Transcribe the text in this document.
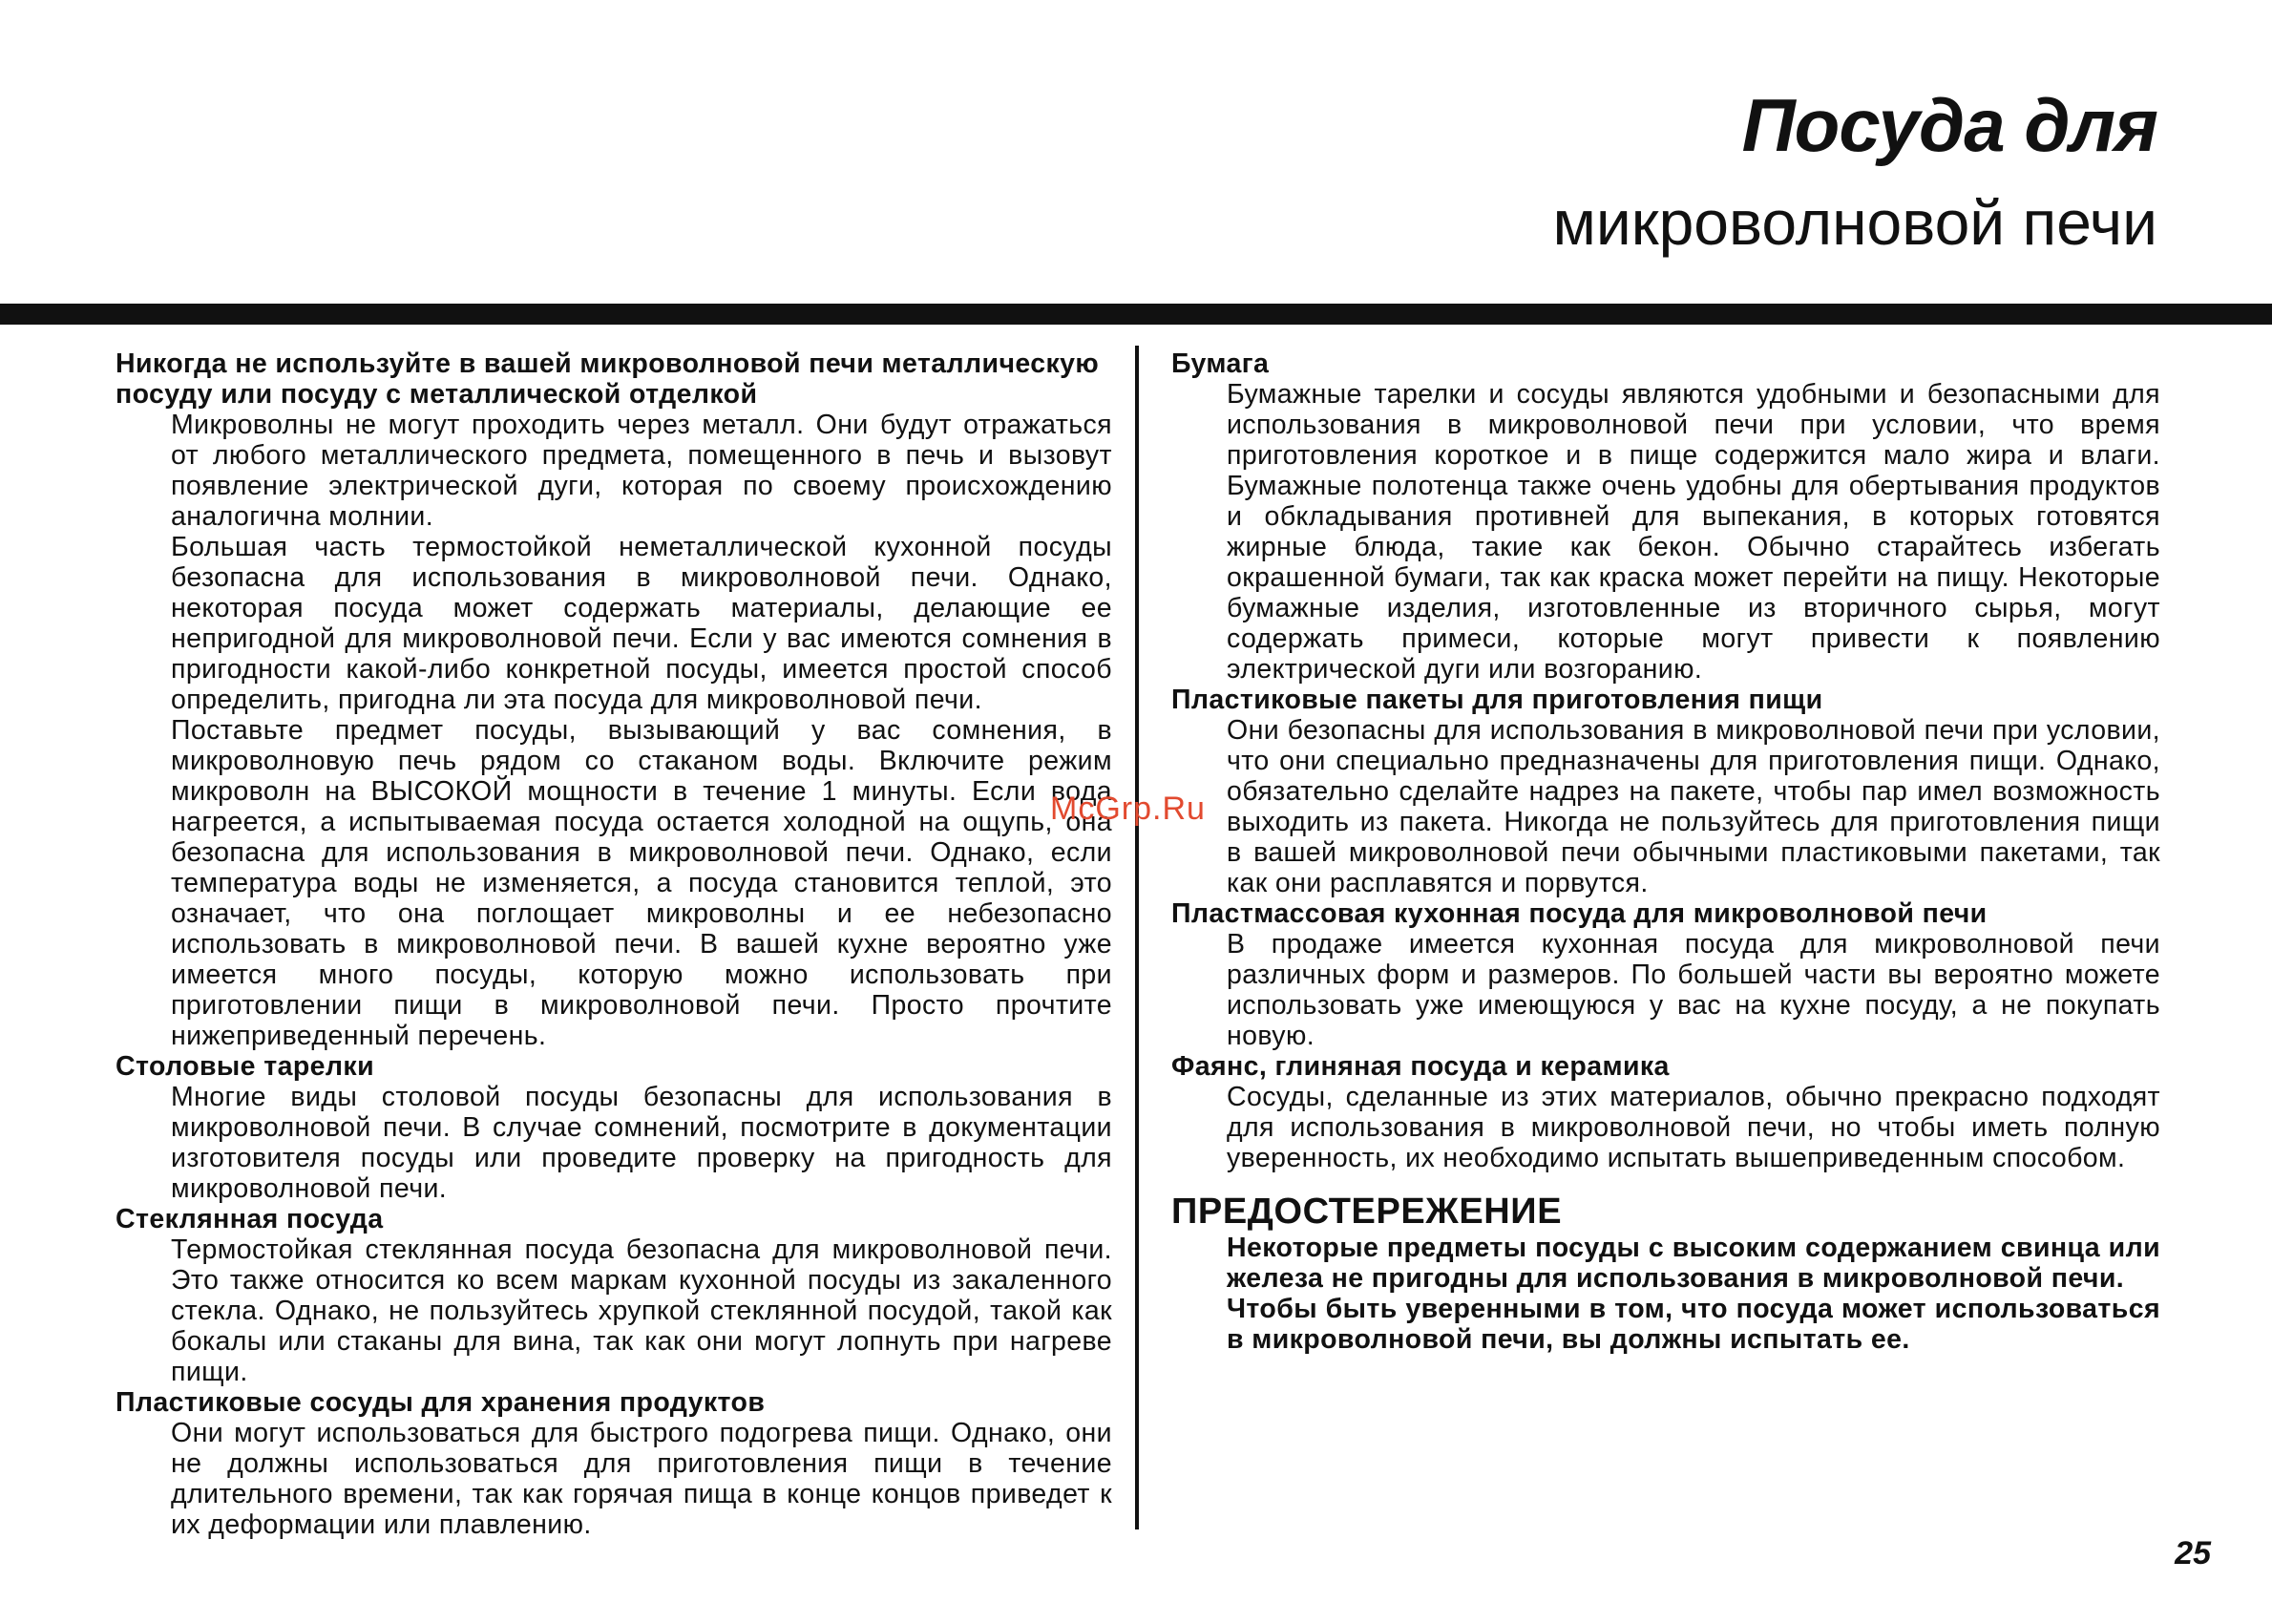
Посуда для
микроволновой печи
Никогда не используйте в вашей микроволновой печи металлическую посуду или посуду с металлической отделкой
Микроволны не могут проходить через металл. Они будут отражаться от любого металлического предмета, помещенного в печь и вызовут появление электрической дуги, которая по своему происхождению аналогична молнии.
Большая часть термостойкой неметаллической кухонной посуды безопасна для использования в микроволновой печи. Однако, некоторая посуда может содержать материалы, делающие ее непригодной для микроволновой печи. Если у вас имеются сомнения в пригодности какой-либо конкретной посуды, имеется простой способ определить, пригодна ли эта посуда для микроволновой печи.
Поставьте предмет посуды, вызывающий у вас сомнения, в микроволновую печь рядом со стаканом воды. Включите режим микроволн на ВЫСОКОЙ мощности в течение 1 минуты. Если вода нагреется, а испытываемая посуда остается холодной на ощупь, она безопасна для использования в микроволновой печи. Однако, если температура воды не изменяется, а посуда становится теплой, это означает, что она поглощает микроволны и ее небезопасно использовать в микроволновой печи. В вашей кухне вероятно уже имеется много посуды, которую можно использовать при приготовлении пищи в микроволновой печи. Просто прочтите нижеприведенный перечень.
Столовые тарелки
Многие виды столовой посуды безопасны для использования в микроволновой печи. В случае сомнений, посмотрите в документации изготовителя посуды или проведите проверку на пригодность для микроволновой печи.
Стеклянная посуда
Термостойкая стеклянная посуда безопасна для микроволновой печи. Это также относится ко всем маркам кухонной посуды из закаленного стекла. Однако, не пользуйтесь хрупкой стеклянной посудой, такой как бокалы или стаканы для вина, так как они могут лопнуть при нагреве пищи.
Пластиковые сосуды для хранения продуктов
Они могут использоваться для быстрого подогрева пищи. Однако, они не должны использоваться для приготовления пищи в течение длительного времени, так как горячая пища в конце концов приведет к их деформации или плавлению.
Бумага
Бумажные тарелки и сосуды являются удобными и безопасными для использования в микроволновой печи при условии, что время приготовления короткое и в пище содержится мало жира и влаги. Бумажные полотенца также очень удобны для обертывания продуктов и обкладывания противней для выпекания, в которых готовятся жирные блюда, такие как бекон. Обычно старайтесь избегать окрашенной бумаги, так как краска может перейти на пищу. Некоторые бумажные изделия, изготовленные из вторичного сырья, могут содержать примеси, которые могут привести к появлению электрической дуги или возгоранию.
Пластиковые пакеты для приготовления пищи
Они безопасны для использования в микроволновой печи при условии, что они специально предназначены для приготовления пищи. Однако, обязательно сделайте надрез на пакете, чтобы пар имел возможность выходить из пакета. Никогда не пользуйтесь для приготовления пищи в вашей микроволновой печи обычными пластиковыми пакетами, так как они расплавятся и порвутся.
Пластмассовая кухонная посуда для микроволновой печи
В продаже имеется кухонная посуда для микроволновой печи различных форм и размеров. По большей части вы вероятно можете использовать уже имеющуюся у вас на кухне посуду, а не покупать новую.
Фаянс, глиняная посуда и керамика
Сосуды, сделанные из этих материалов, обычно прекрасно подходят для использования в микроволновой печи, но чтобы иметь полную уверенность, их необходимо испытать вышеприведенным способом.
ПРЕДОСТЕРЕЖЕНИЕ
Некоторые предметы посуды с высоким содержанием свинца или железа не пригодны для использования в микроволновой печи.
Чтобы быть уверенными в том, что посуда может использоваться в микроволновой печи, вы должны испытать ее.
McGrp.Ru
25
